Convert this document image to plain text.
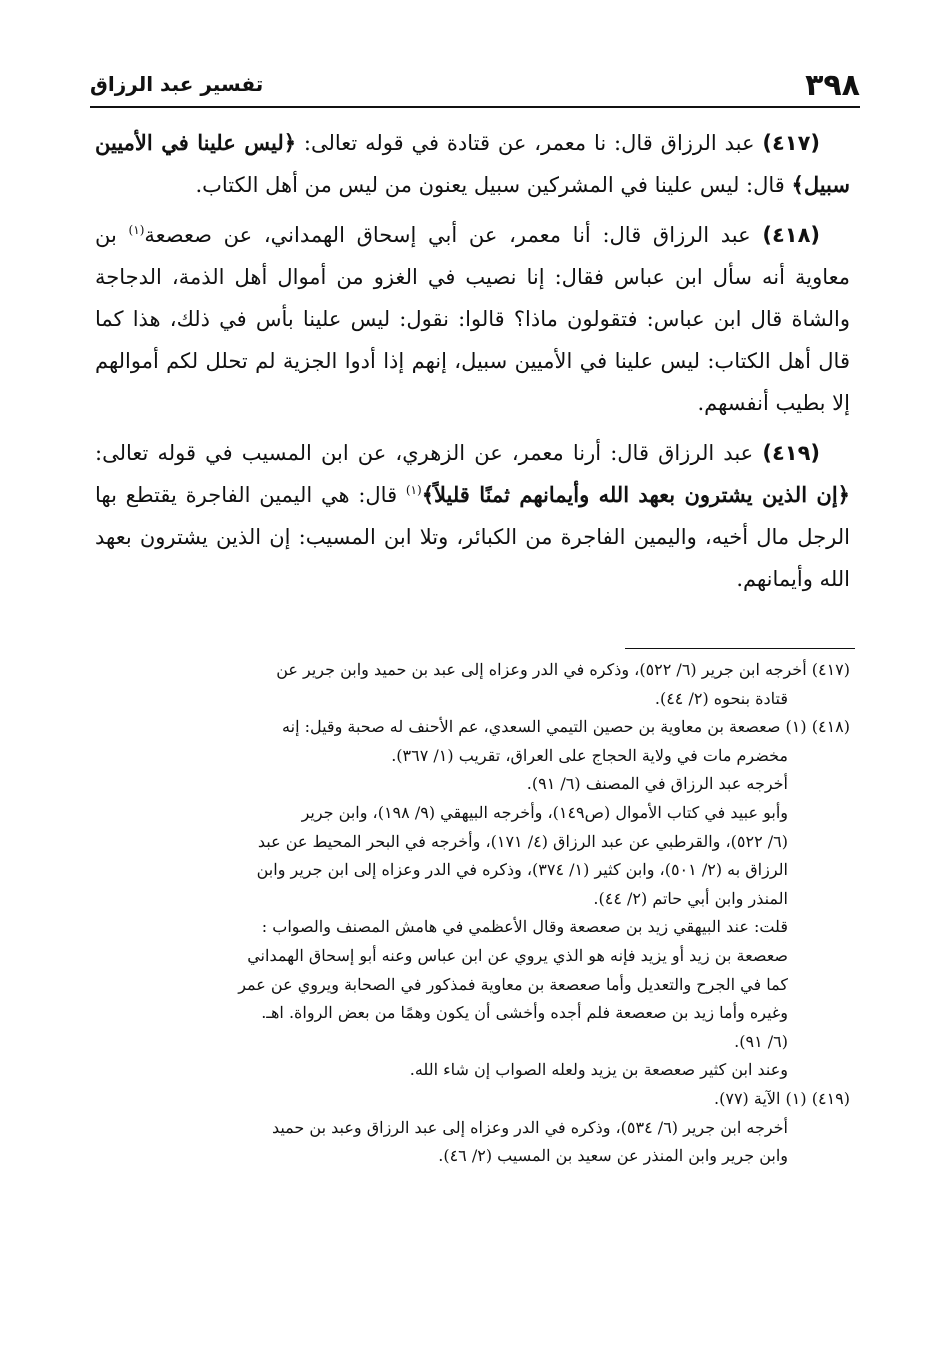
٣٩٨
تفسير عبد الرزاق

(٤١٧) عبد الرزاق قال: نا معمر، عن قتادة في قوله تعالى: ﴿ليس علينا في الأميين سبيل﴾ قال: ليس علينا في المشركين سبيل يعنون من ليس من أهل الكتاب.

(٤١٨) عبد الرزاق قال: أنا معمر، عن أبي إسحاق الهمداني، عن صعصعة$^{(١)}$ بن معاوية أنه سأل ابن عباس فقال: إنا نصيب في الغزو من أموال أهل الذمة، الدجاجة والشاة قال ابن عباس: فتقولون ماذا؟ قالوا: نقول: ليس علينا بأس في ذلك، هذا كما قال أهل الكتاب: ليس علينا في الأميين سبيل، إنهم إذا أدوا الجزية لم تحلل لكم أموالهم إلا بطيب أنفسهم.

(٤١٩) عبد الرزاق قال: أرنا معمر، عن الزهري، عن ابن المسيب في قوله تعالى: ﴿إن الذين يشترون بعهد الله وأيمانهم ثمنًا قليلاً﴾$^{(١)}$ قال: هي اليمين الفاجرة يقتطع بها الرجل مال أخيه، واليمين الفاجرة من الكبائر، وتلا ابن المسيب: إن الذين يشترون بعهد الله وأيمانهم.

(٤١٧) أخرجه ابن جرير (٦/ ٥٢٢)، وذكره في الدر وعزاه إلى عبد بن حميد وابن جرير عن
قتادة بنحوه (٢/ ٤٤).
(٤١٨) (١) صعصعة بن معاوية بن حصين التيمي السعدي، عم الأحنف له صحبة وقيل: إنه
مخضرم مات في ولاية الحجاج على العراق، تقريب (١/ ٣٦٧).
أخرجه عبد الرزاق في المصنف (٦/ ٩١).
وأبو عبيد في كتاب الأموال (ص١٤٩)، وأخرجه البيهقي (٩/ ١٩٨)، وابن جرير
(٦/ ٥٢٢)، والقرطبي عن عبد الرزاق (٤/ ١٧١)، وأخرجه في البحر المحيط عن عبد
الرزاق به (٢/ ٥٠١)، وابن كثير (١/ ٣٧٤)، وذكره في الدر وعزاه إلى ابن جرير وابن
المنذر وابن أبي حاتم (٢/ ٤٤).
قلت: عند البيهقي زيد بن صعصعة وقال الأعظمي في هامش المصنف والصواب :
صعصعة بن زيد أو يزيد فإنه هو الذي يروي عن ابن عباس وعنه أبو إسحاق الهمداني
كما في الجرح والتعديل وأما صعصعة بن معاوية فمذكور في الصحابة ويروي عن عمر
وغيره وأما زيد بن صعصعة فلم أجده وأخشى أن يكون وهمًا من بعض الرواة. اهـ.
(٦/ ٩١).
وعند ابن كثير صعصعة بن يزيد ولعله الصواب إن شاء الله.
(٤١٩) (١) الآية (٧٧).
أخرجه ابن جرير (٦/ ٥٣٤)، وذكره في الدر وعزاه إلى عبد الرزاق وعبد بن حميد
وابن جرير وابن المنذر عن سعيد بن المسيب (٢/ ٤٦).
